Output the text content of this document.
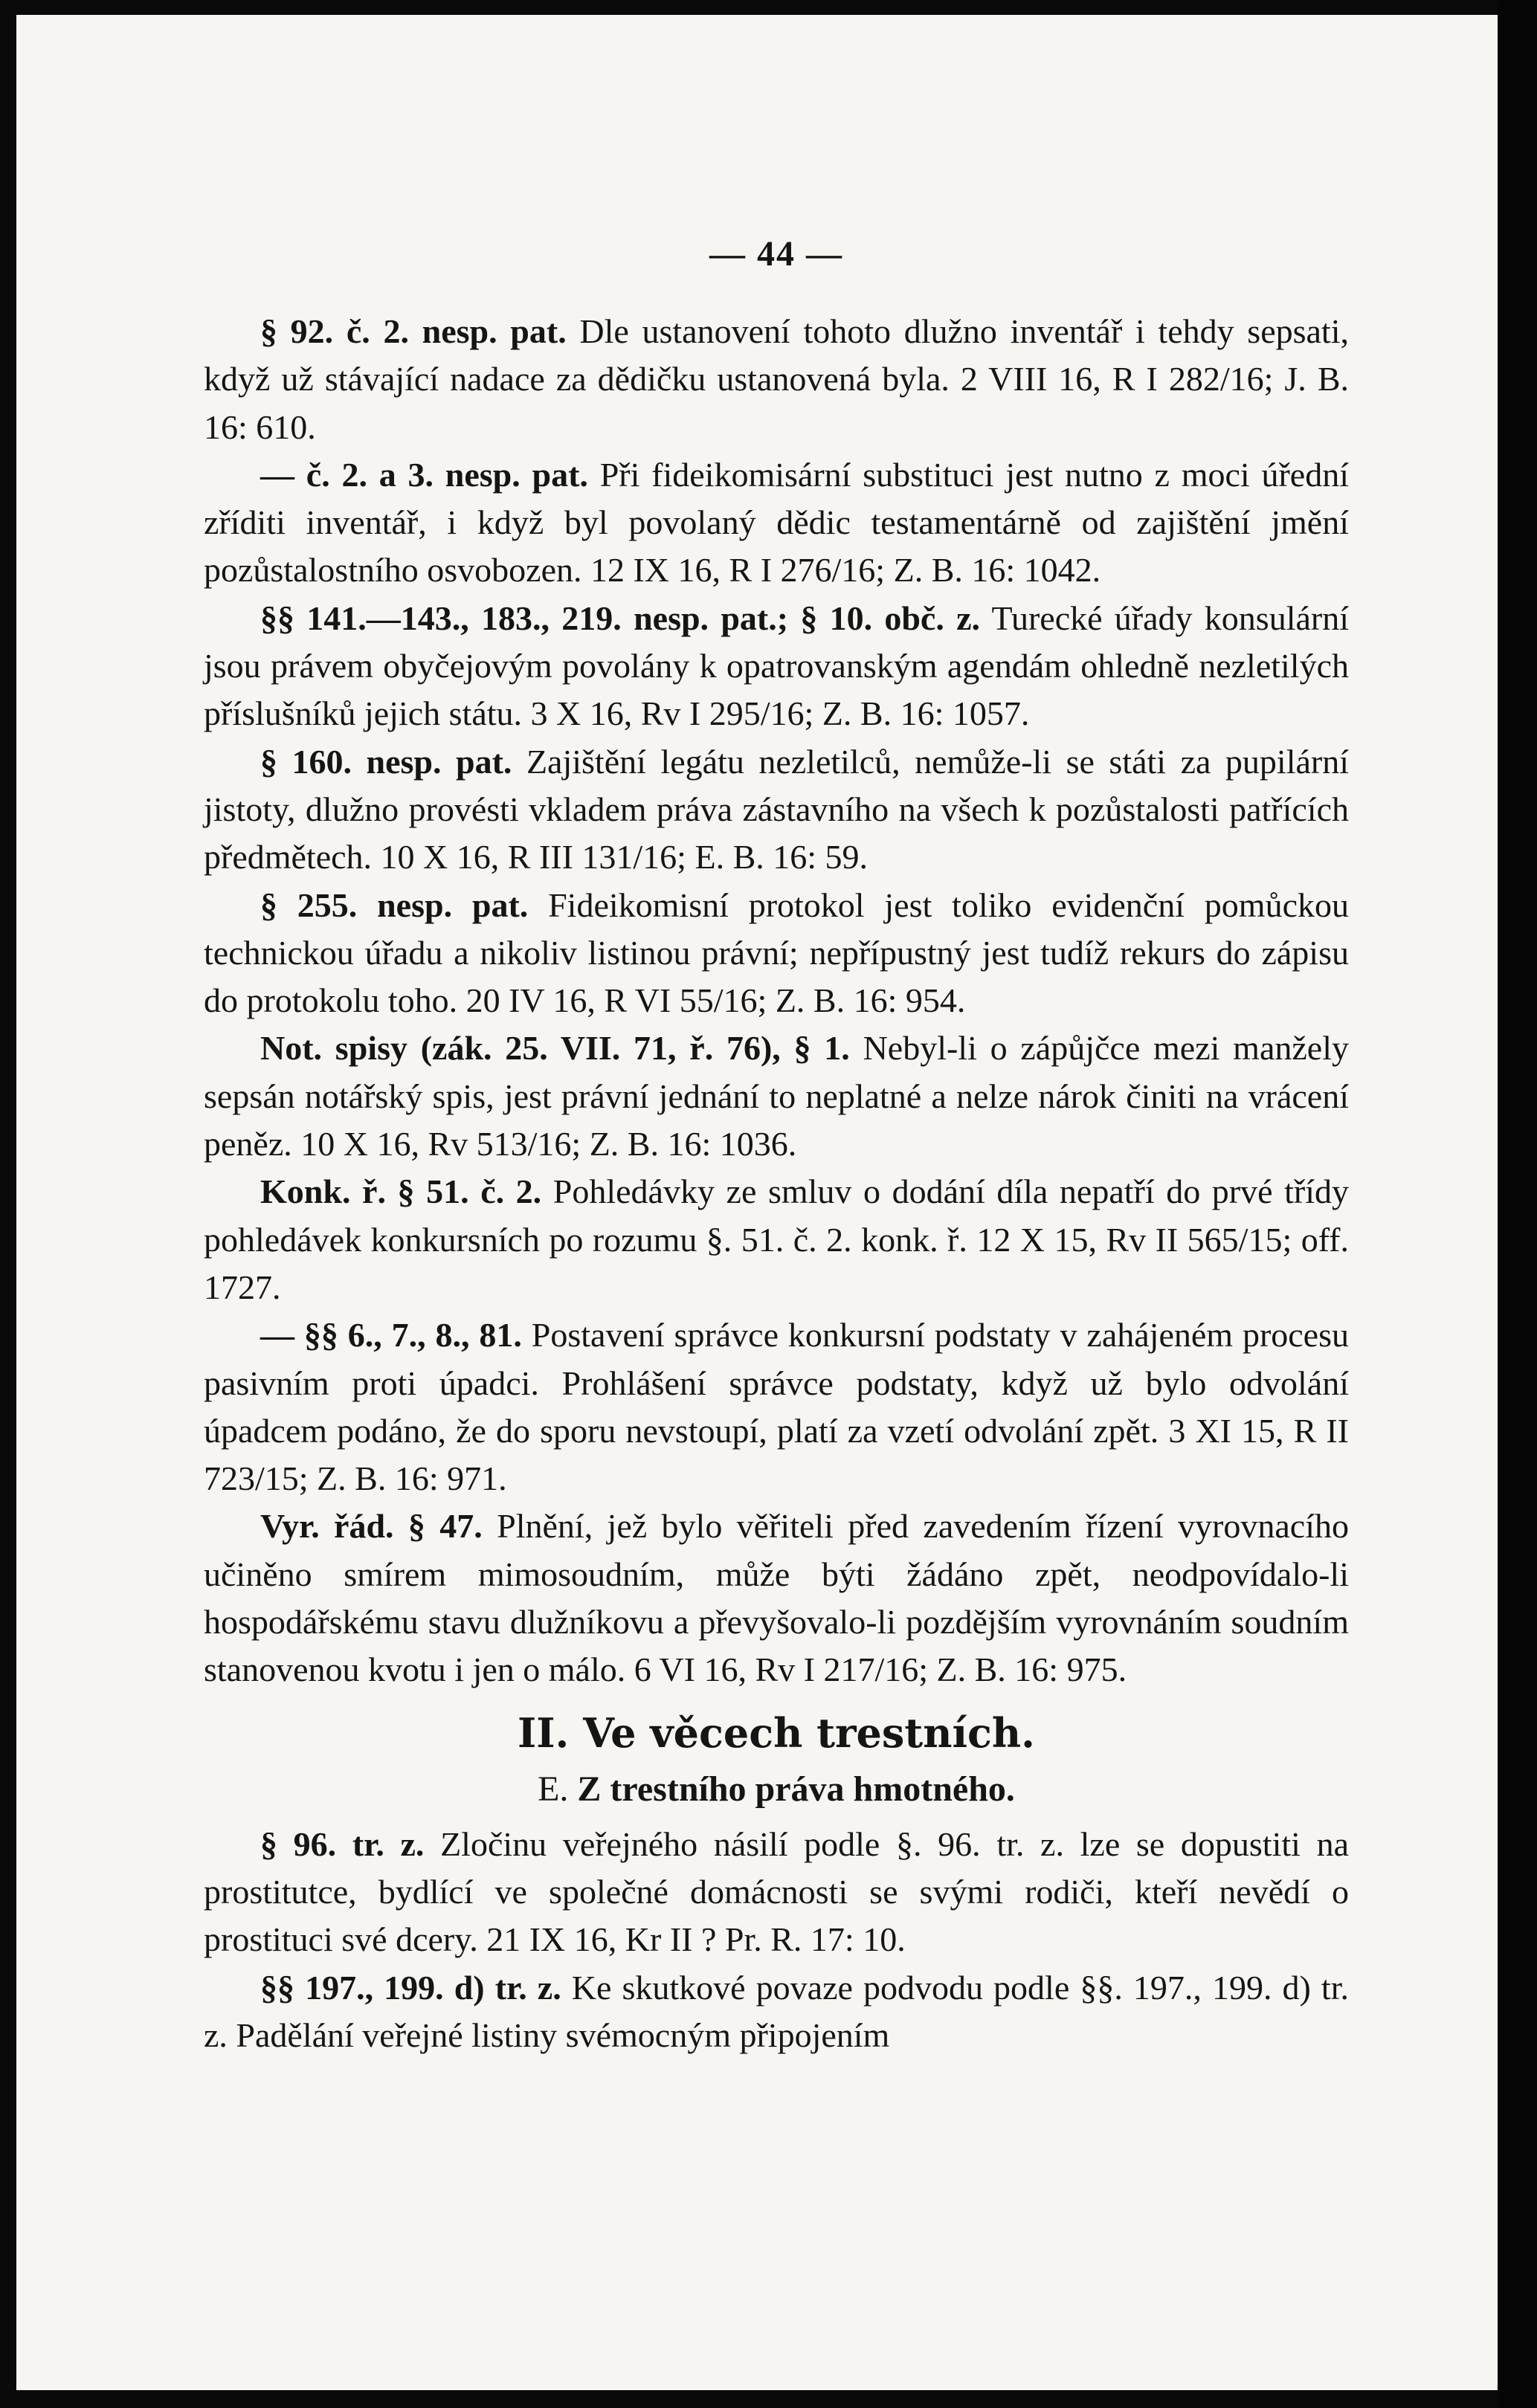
— 44 —

§ 92. č. 2. nesp. pat. Dle ustanovení tohoto dlužno inventář i tehdy sepsati, když už stávající nadace za dědičku ustanovená byla. 2 VIII 16, R I 282/16; J. B. 16: 610.

— č. 2. a 3. nesp. pat. Při fideikomisární substituci jest nutno z moci úřední zříditi inventář, i když byl povolaný dědic testamentárně od zajištění jmění pozůstalostního osvobozen. 12 IX 16, R I 276/16; Z. B. 16: 1042.

§§ 141.—143., 183., 219. nesp. pat.; § 10. obč. z. Turecké úřady konsulární jsou právem obyčejovým povolány k opatrovanským agendám ohledně nezletilých příslušníků jejich státu. 3 X 16, Rv I 295/16; Z. B. 16: 1057.

§ 160. nesp. pat. Zajištění legátu nezletilců, nemůže-li se státi za pupilární jistoty, dlužno provésti vkladem práva zástavního na všech k pozůstalosti patřících předmětech. 10 X 16, R III 131/16; E. B. 16: 59.

§ 255. nesp. pat. Fideikomisní protokol jest toliko evidenční pomůckou technickou úřadu a nikoliv listinou právní; nepřípustný jest tudíž rekurs do zápisu do protokolu toho. 20 IV 16, R VI 55/16; Z. B. 16: 954.

Not. spisy (zák. 25. VII. 71, ř. 76), § 1. Nebyl-li o zápůjčce mezi manžely sepsán notářský spis, jest právní jednání to neplatné a nelze nárok činiti na vrácení peněz. 10 X 16, Rv 513/16; Z. B. 16: 1036.

Konk. ř. § 51. č. 2. Pohledávky ze smluv o dodání díla nepatří do prvé třídy pohledávek konkursních po rozumu §. 51. č. 2. konk. ř. 12 X 15, Rv II 565/15; off. 1727.

— §§ 6., 7., 8., 81. Postavení správce konkursní podstaty v zahájeném procesu pasivním proti úpadci. Prohlášení správce podstaty, když už bylo odvolání úpadcem podáno, že do sporu nevstoupí, platí za vzetí odvolání zpět. 3 XI 15, R II 723/15; Z. B. 16: 971.

Vyr. řád. § 47. Plnění, jež bylo věřiteli před zavedením řízení vyrovnacího učiněno smírem mimosoudním, může býti žádáno zpět, neodpovídalo-li hospodářskému stavu dlužníkovu a převyšovalo-li pozdějším vyrovnáním soudním stanovenou kvotu i jen o málo. 6 VI 16, Rv I 217/16; Z. B. 16: 975.

II. Ve věcech trestních.
E. Z trestního práva hmotného.

§ 96. tr. z. Zločinu veřejného násilí podle §. 96. tr. z. lze se dopustiti na prostitutce, bydlící ve společné domácnosti se svými rodiči, kteří nevědí o prostituci své dcery. 21 IX 16, Kr II ? Pr. R. 17: 10.

§§ 197., 199. d) tr. z. Ke skutkové povaze podvodu podle §§. 197., 199. d) tr. z. Padělání veřejné listiny svémocným připojením
